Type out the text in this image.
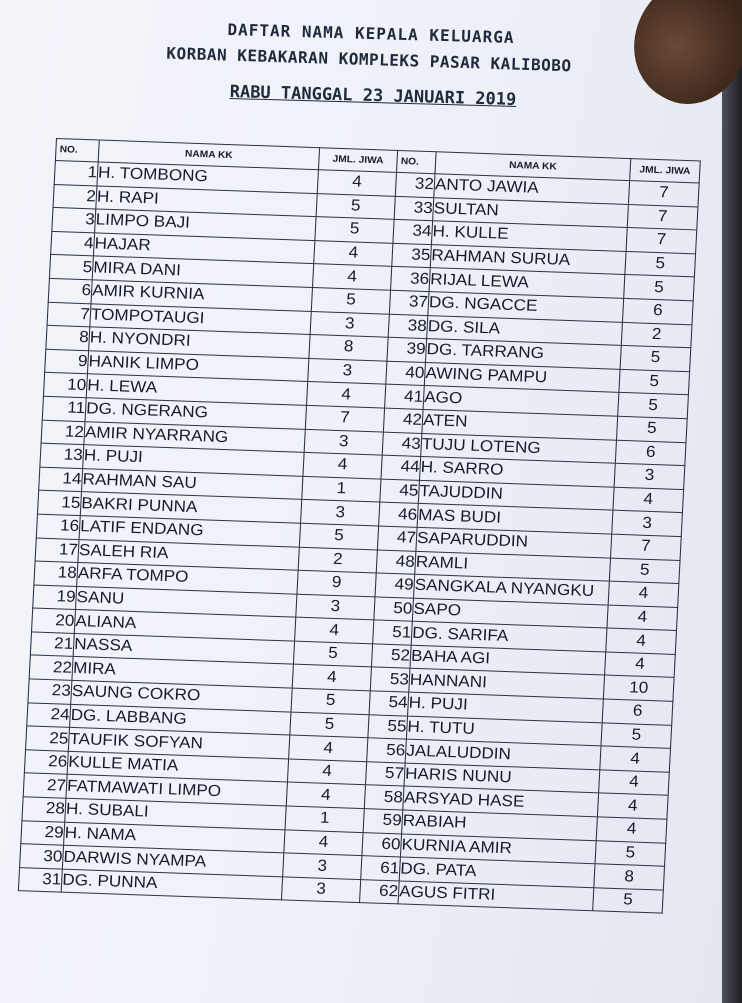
DAFTAR NAMA KEPALA KELUARGA
KORBAN KEBAKARAN KOMPLEKS PASAR KALIBOBO
RABU TANGGAL 23 JANUARI 2019
NO.	NAMA KK	JML. JIWA	NO.	NAMA KK	JML. JIWA
1	H. TOMBONG	4	32	ANTO JAWIA	7
2	H. RAPI	5	33	SULTAN	7
3	LIMPO BAJI	5	34	H. KULLE	7
4	HAJAR	4	35	RAHMAN SURUA	5
5	MIRA DANI	4	36	RIJAL LEWA	5
6	AMIR KURNIA	5	37	DG. NGACCE	6
7	TOMPOTAUGI	3	38	DG. SILA	2
8	H. NYONDRI	8	39	DG. TARRANG	5
9	HANIK LIMPO	3	40	AWING PAMPU	5
10	H. LEWA	4	41	AGO	5
11	DG. NGERANG	7	42	ATEN	5
12	AMIR NYARRANG	3	43	TUJU LOTENG	6
13	H. PUJI	4	44	H. SARRO	3
14	RAHMAN SAU	1	45	TAJUDDIN	4
15	BAKRI PUNNA	3	46	MAS BUDI	3
16	LATIF ENDANG	5	47	SAPARUDDIN	7
17	SALEH RIA	2	48	RAMLI	5
18	ARFA TOMPO	9	49	SANGKALA NYANGKU	4
19	SANU	3	50	SAPO	4
20	ALIANA	4	51	DG. SARIFA	4
21	NASSA	5	52	BAHA AGI	4
22	MIRA	4	53	HANNANI	10
23	SAUNG COKRO	5	54	H. PUJI	6
24	DG. LABBANG	5	55	H. TUTU	5
25	TAUFIK SOFYAN	4	56	JALALUDDIN	4
26	KULLE MATIA	4	57	HARIS NUNU	4
27	FATMAWATI LIMPO	4	58	ARSYAD HASE	4
28	H. SUBALI	1	59	RABIAH	4
29	H. NAMA	4	60	KURNIA AMIR	5
30	DARWIS NYAMPA	3	61	DG. PATA	8
31	DG. PUNNA	3	62	AGUS FITRI	5
